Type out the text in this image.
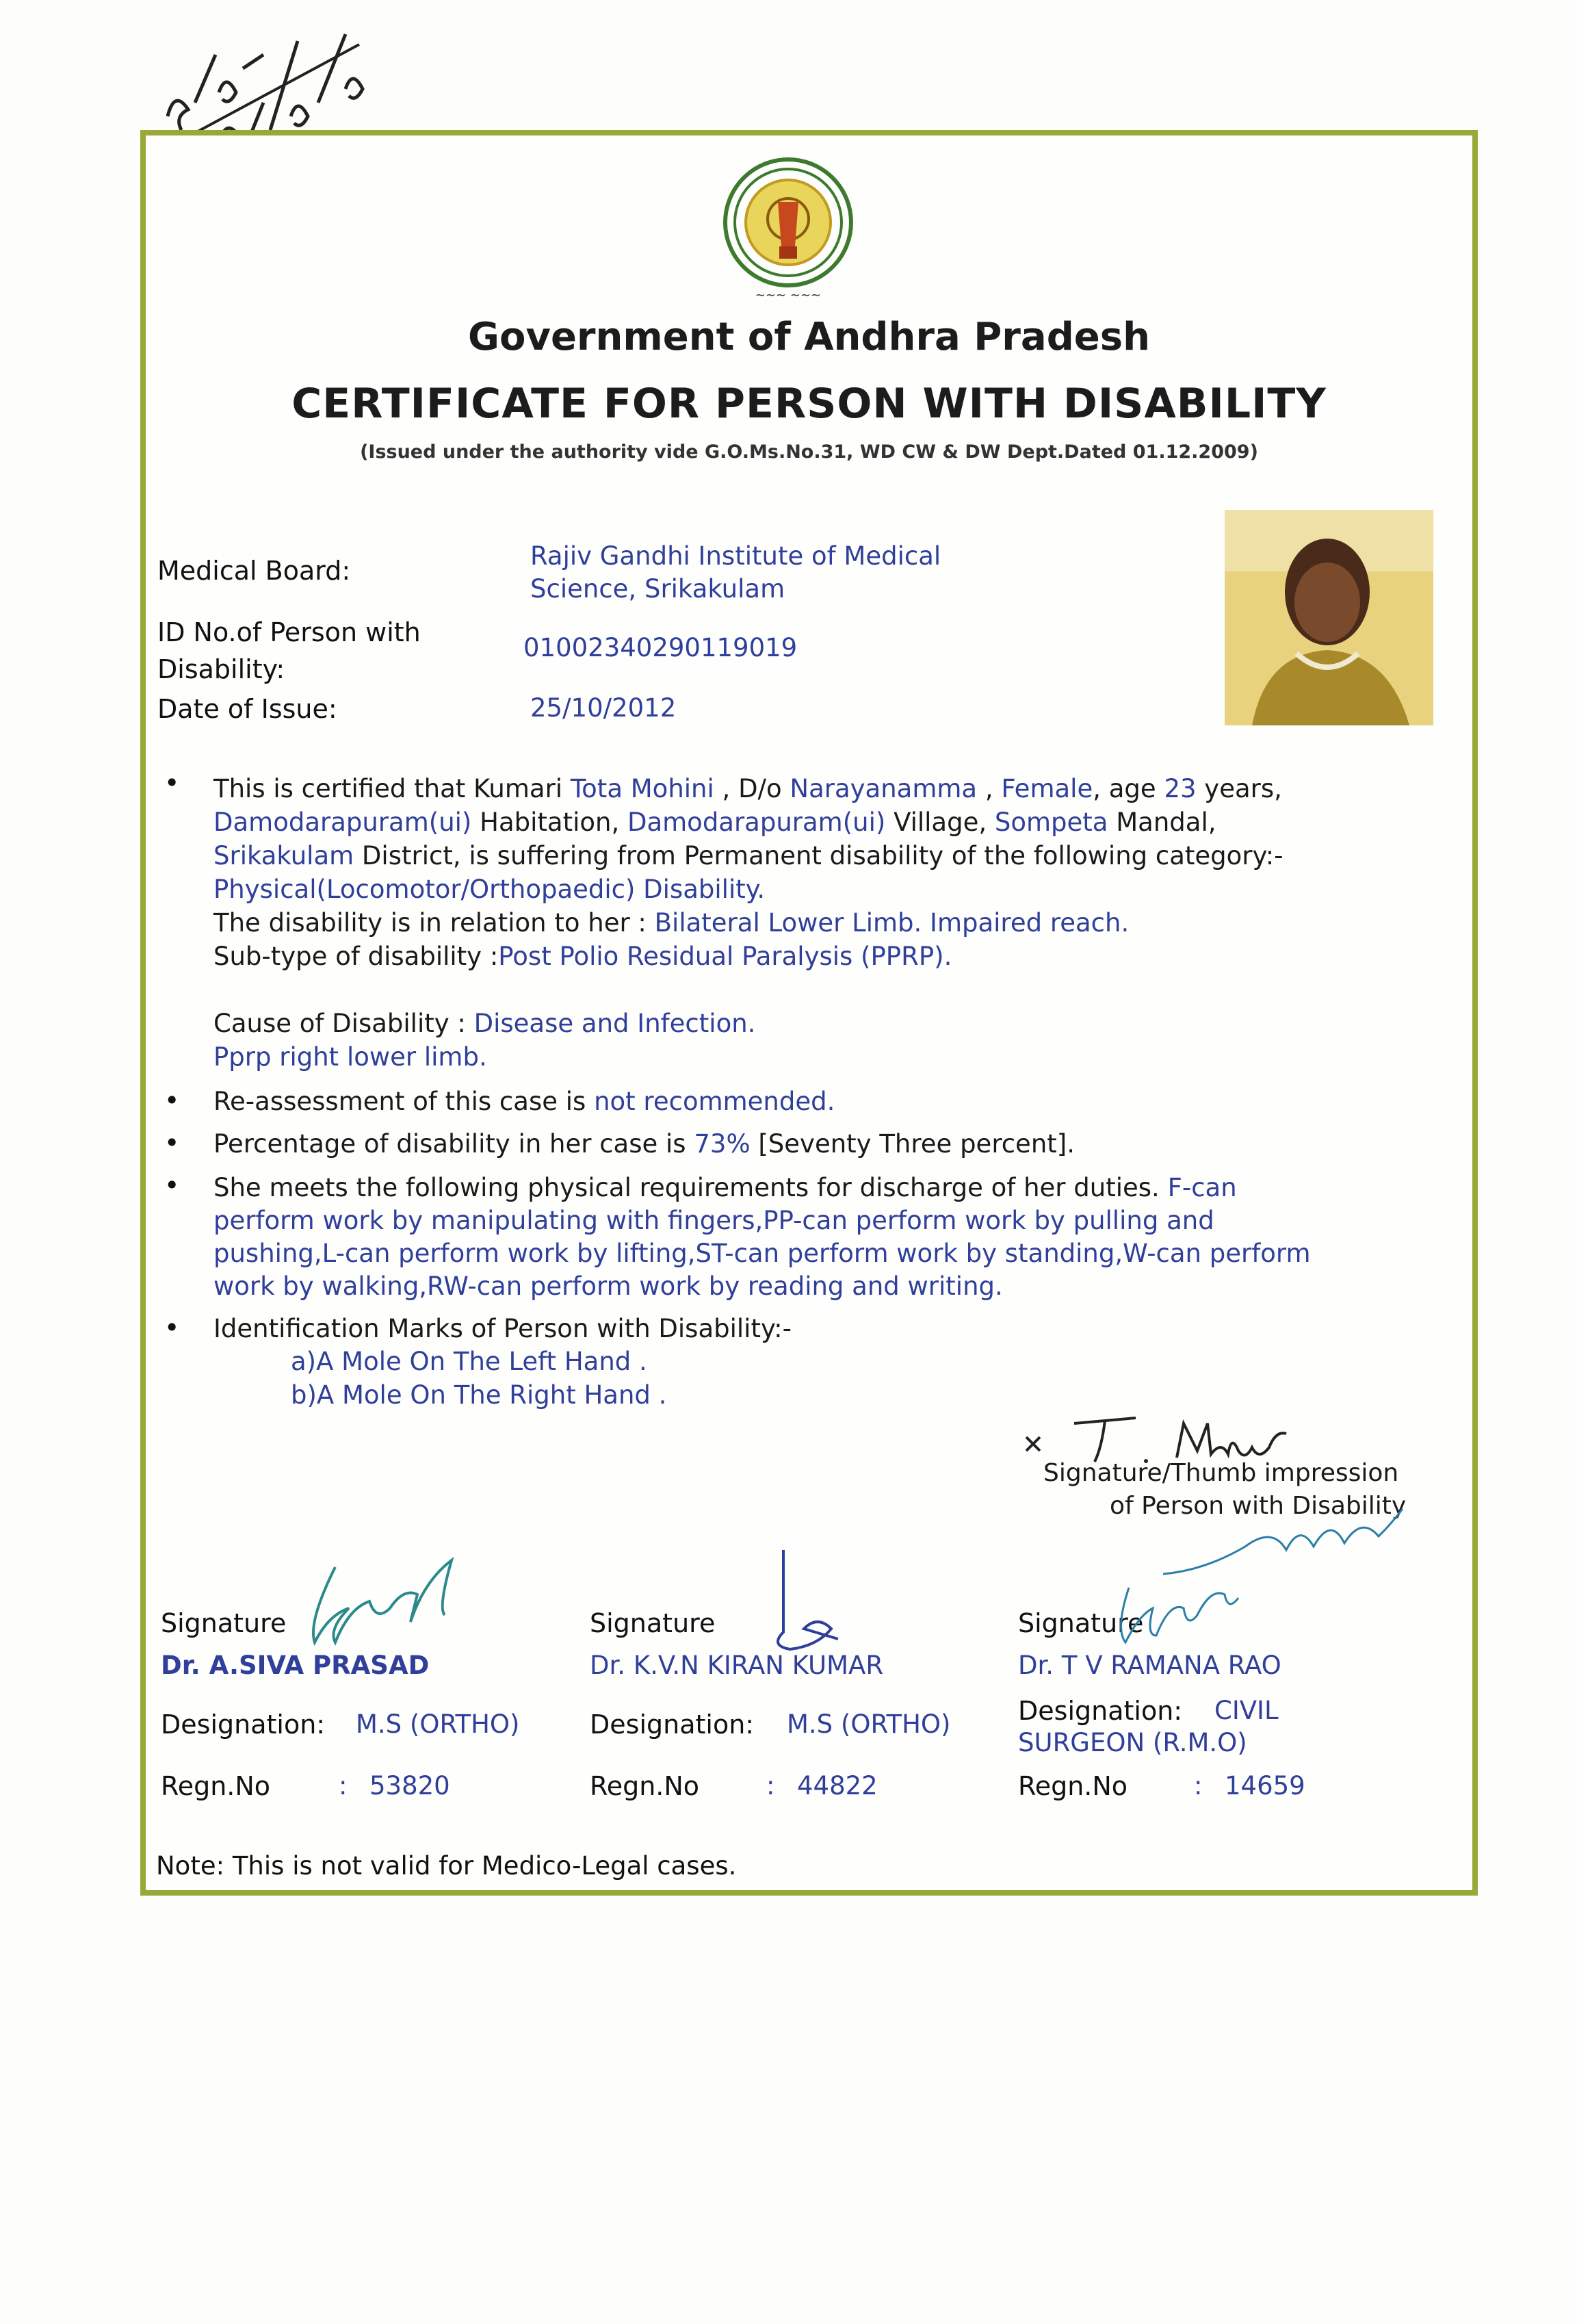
~~~ ~~~
Government of Andhra Pradesh
CERTIFICATE FOR PERSON WITH DISABILITY
(Issued under the authority vide G.O.Ms.No.31, WD CW & DW Dept.Dated 01.12.2009)
Medical Board:	Rajiv Gandhi Institute of Medical
Science, Srikakulam
ID No.of Person with
Disability:
01002340290119019
Date of Issue:	25/10/2012
•
•
•
•
•
This is certified that Kumari Tota Mohini , D/o Narayanamma , Female, age 23 years,
Damodarapuram(ui) Habitation, Damodarapuram(ui) Village, Sompeta Mandal,
Srikakulam District, is suffering from Permanent disability of the following category:-
Physical(Locomotor/Orthopaedic) Disability.
The disability is in relation to her : Bilateral Lower Limb. Impaired reach.
Sub-type of disability :Post Polio Residual Paralysis (PPRP).
Cause of Disability : Disease and Infection.
Pprp right lower limb.
Re-assessment of this case is not recommended.
Percentage of disability in her case is 73% [Seventy Three percent].
She meets the following physical requirements for discharge of her duties. F-can
perform work by manipulating with fingers,PP-can perform work by pulling and
pushing,L-can perform work by lifting,ST-can perform work by standing,W-can perform
work by walking,RW-can perform work by reading and writing.
Identification Marks of Person with Disability:-
a)A Mole On The Left Hand .
b)A Mole On The Right Hand .
Signature/Thumb impression
of Person with Disability
Signature
Dr. A.SIVA PRASAD
Designation: M.S (ORTHO)
Regn.No	: 53820
Signature
Dr. K.V.N KIRAN KUMAR
Designation: M.S (ORTHO)
Regn.No	: 44822
Signature
Dr. T V RAMANA RAO
Designation: CIVIL
SURGEON (R.M.O)
Regn.No	: 14659
Note: This is not valid for Medico-Legal cases.
